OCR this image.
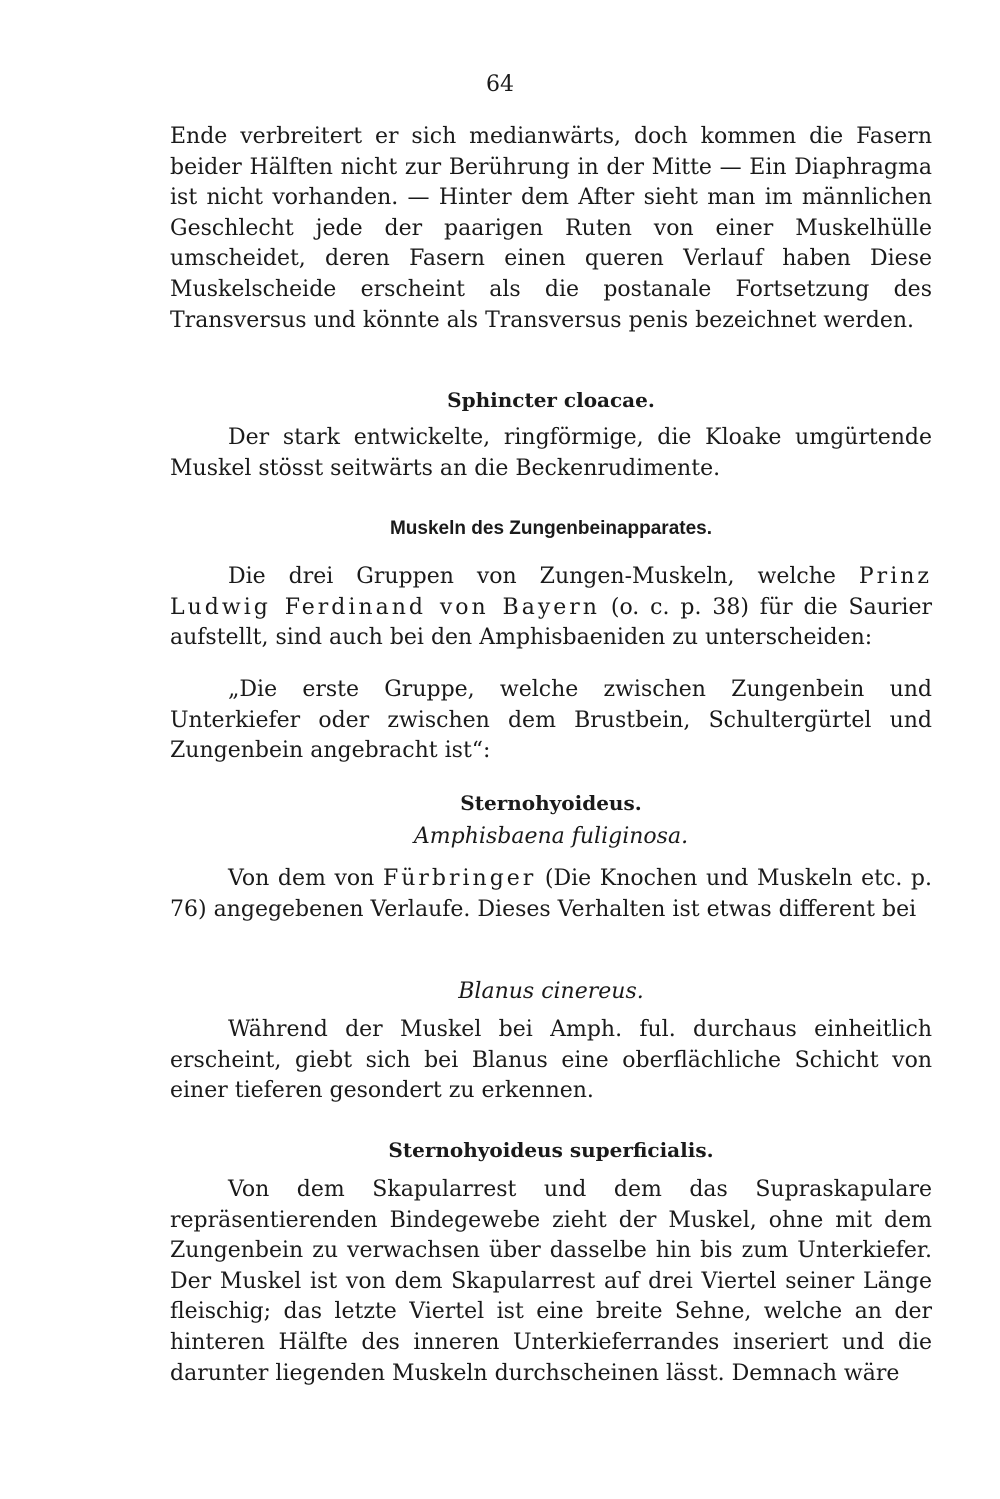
64

Ende verbreitert er sich medianwärts, doch kommen die Fasern beider Hälften nicht zur Berührung in der Mitte — Ein Diaphragma ist nicht vorhanden. — Hinter dem After sieht man im männlichen Geschlecht jede der paarigen Ruten von einer Muskelhülle umscheidet, deren Fasern einen queren Verlauf haben Diese Muskelscheide erscheint als die postanale Fortsetzung des Transversus und könnte als Transversus penis bezeichnet werden.

Sphincter cloacae.

Der stark entwickelte, ringförmige, die Kloake umgürtende Muskel stösst seitwärts an die Beckenrudimente.

Muskeln des Zungenbeinapparates.

Die drei Gruppen von Zungen-Muskeln, welche Prinz Ludwig Ferdinand von Bayern (o. c. p. 38) für die Saurier aufstellt, sind auch bei den Amphisbaeniden zu unterscheiden:

„Die erste Gruppe, welche zwischen Zungenbein und Unterkiefer oder zwischen dem Brustbein, Schultergürtel und Zungenbein angebracht ist“:

Sternohyoideus.
Amphisbaena fuliginosa.

Von dem von Fürbringer (Die Knochen und Muskeln etc. p. 76) angegebenen Verlaufe. Dieses Verhalten ist etwas different bei

Blanus cinereus.

Während der Muskel bei Amph. ful. durchaus einheitlich erscheint, giebt sich bei Blanus eine oberflächliche Schicht von einer tieferen gesondert zu erkennen.

Sternohyoideus superficialis.

Von dem Skapularrest und dem das Supraskapulare repräsentierenden Bindegewebe zieht der Muskel, ohne mit dem Zungenbein zu verwachsen über dasselbe hin bis zum Unterkiefer. Der Muskel ist von dem Skapularrest auf drei Viertel seiner Länge fleischig; das letzte Viertel ist eine breite Sehne, welche an der hinteren Hälfte des inneren Unterkieferrandes inseriert und die darunter liegenden Muskeln durchscheinen lässt. Demnach wäre
